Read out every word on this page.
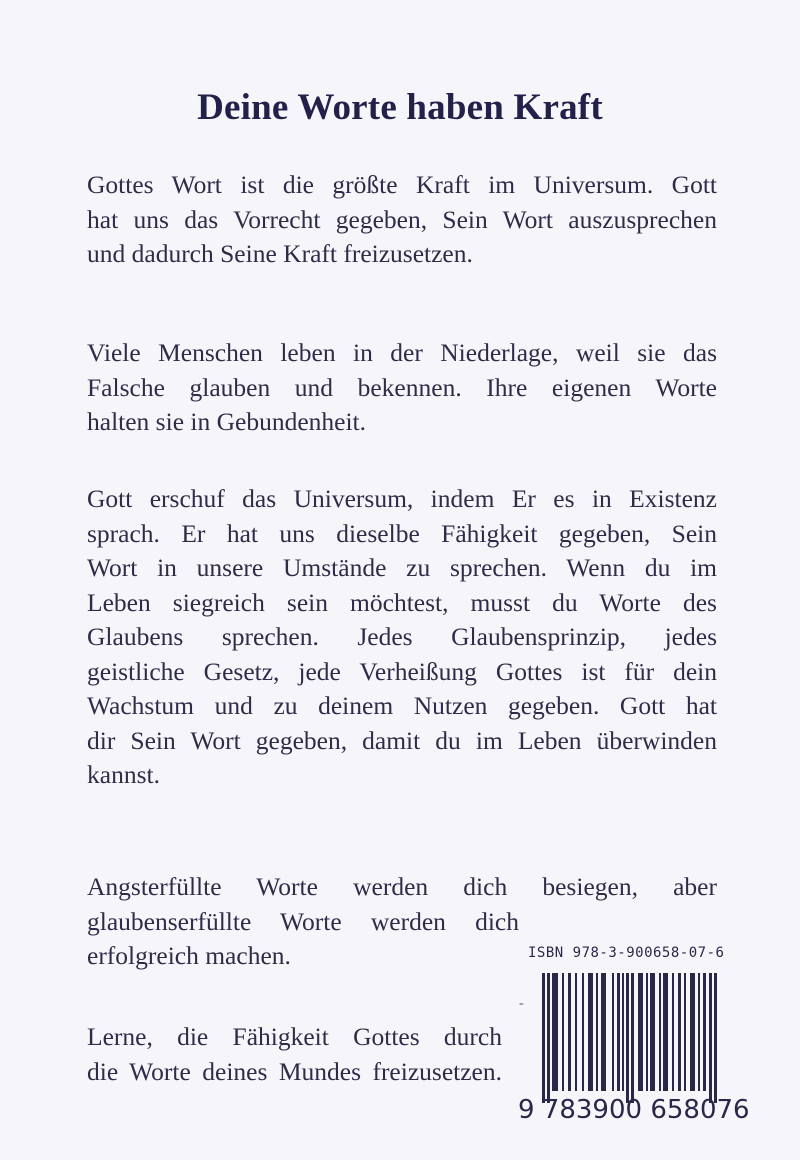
Deine Worte haben Kraft
Gottes Wort ist die größte Kraft im Universum. Gott
hat uns das Vorrecht gegeben, Sein Wort auszusprechen
und dadurch Seine Kraft freizusetzen.
Viele Menschen leben in der Niederlage, weil sie das
Falsche glauben und bekennen. Ihre eigenen Worte
halten sie in Gebundenheit.
Gott erschuf das Universum, indem Er es in Existenz
sprach. Er hat uns dieselbe Fähigkeit gegeben, Sein
Wort in unsere Umstände zu sprechen. Wenn du im
Leben siegreich sein möchtest, musst du Worte des
Glaubens sprechen. Jedes Glaubensprinzip, jedes
geistliche Gesetz, jede Verheißung Gottes ist für dein
Wachstum und zu deinem Nutzen gegeben. Gott hat
dir Sein Wort gegeben, damit du im Leben überwinden
kannst.
Angsterfüllte Worte werden dich besiegen, aber
glaubenserfüllte Worte werden dich
erfolgreich machen.
Lerne, die Fähigkeit Gottes durch
die Worte deines Mundes freizusetzen.
-
ISBN 978-3-900658-07-6
9 783900 658076
